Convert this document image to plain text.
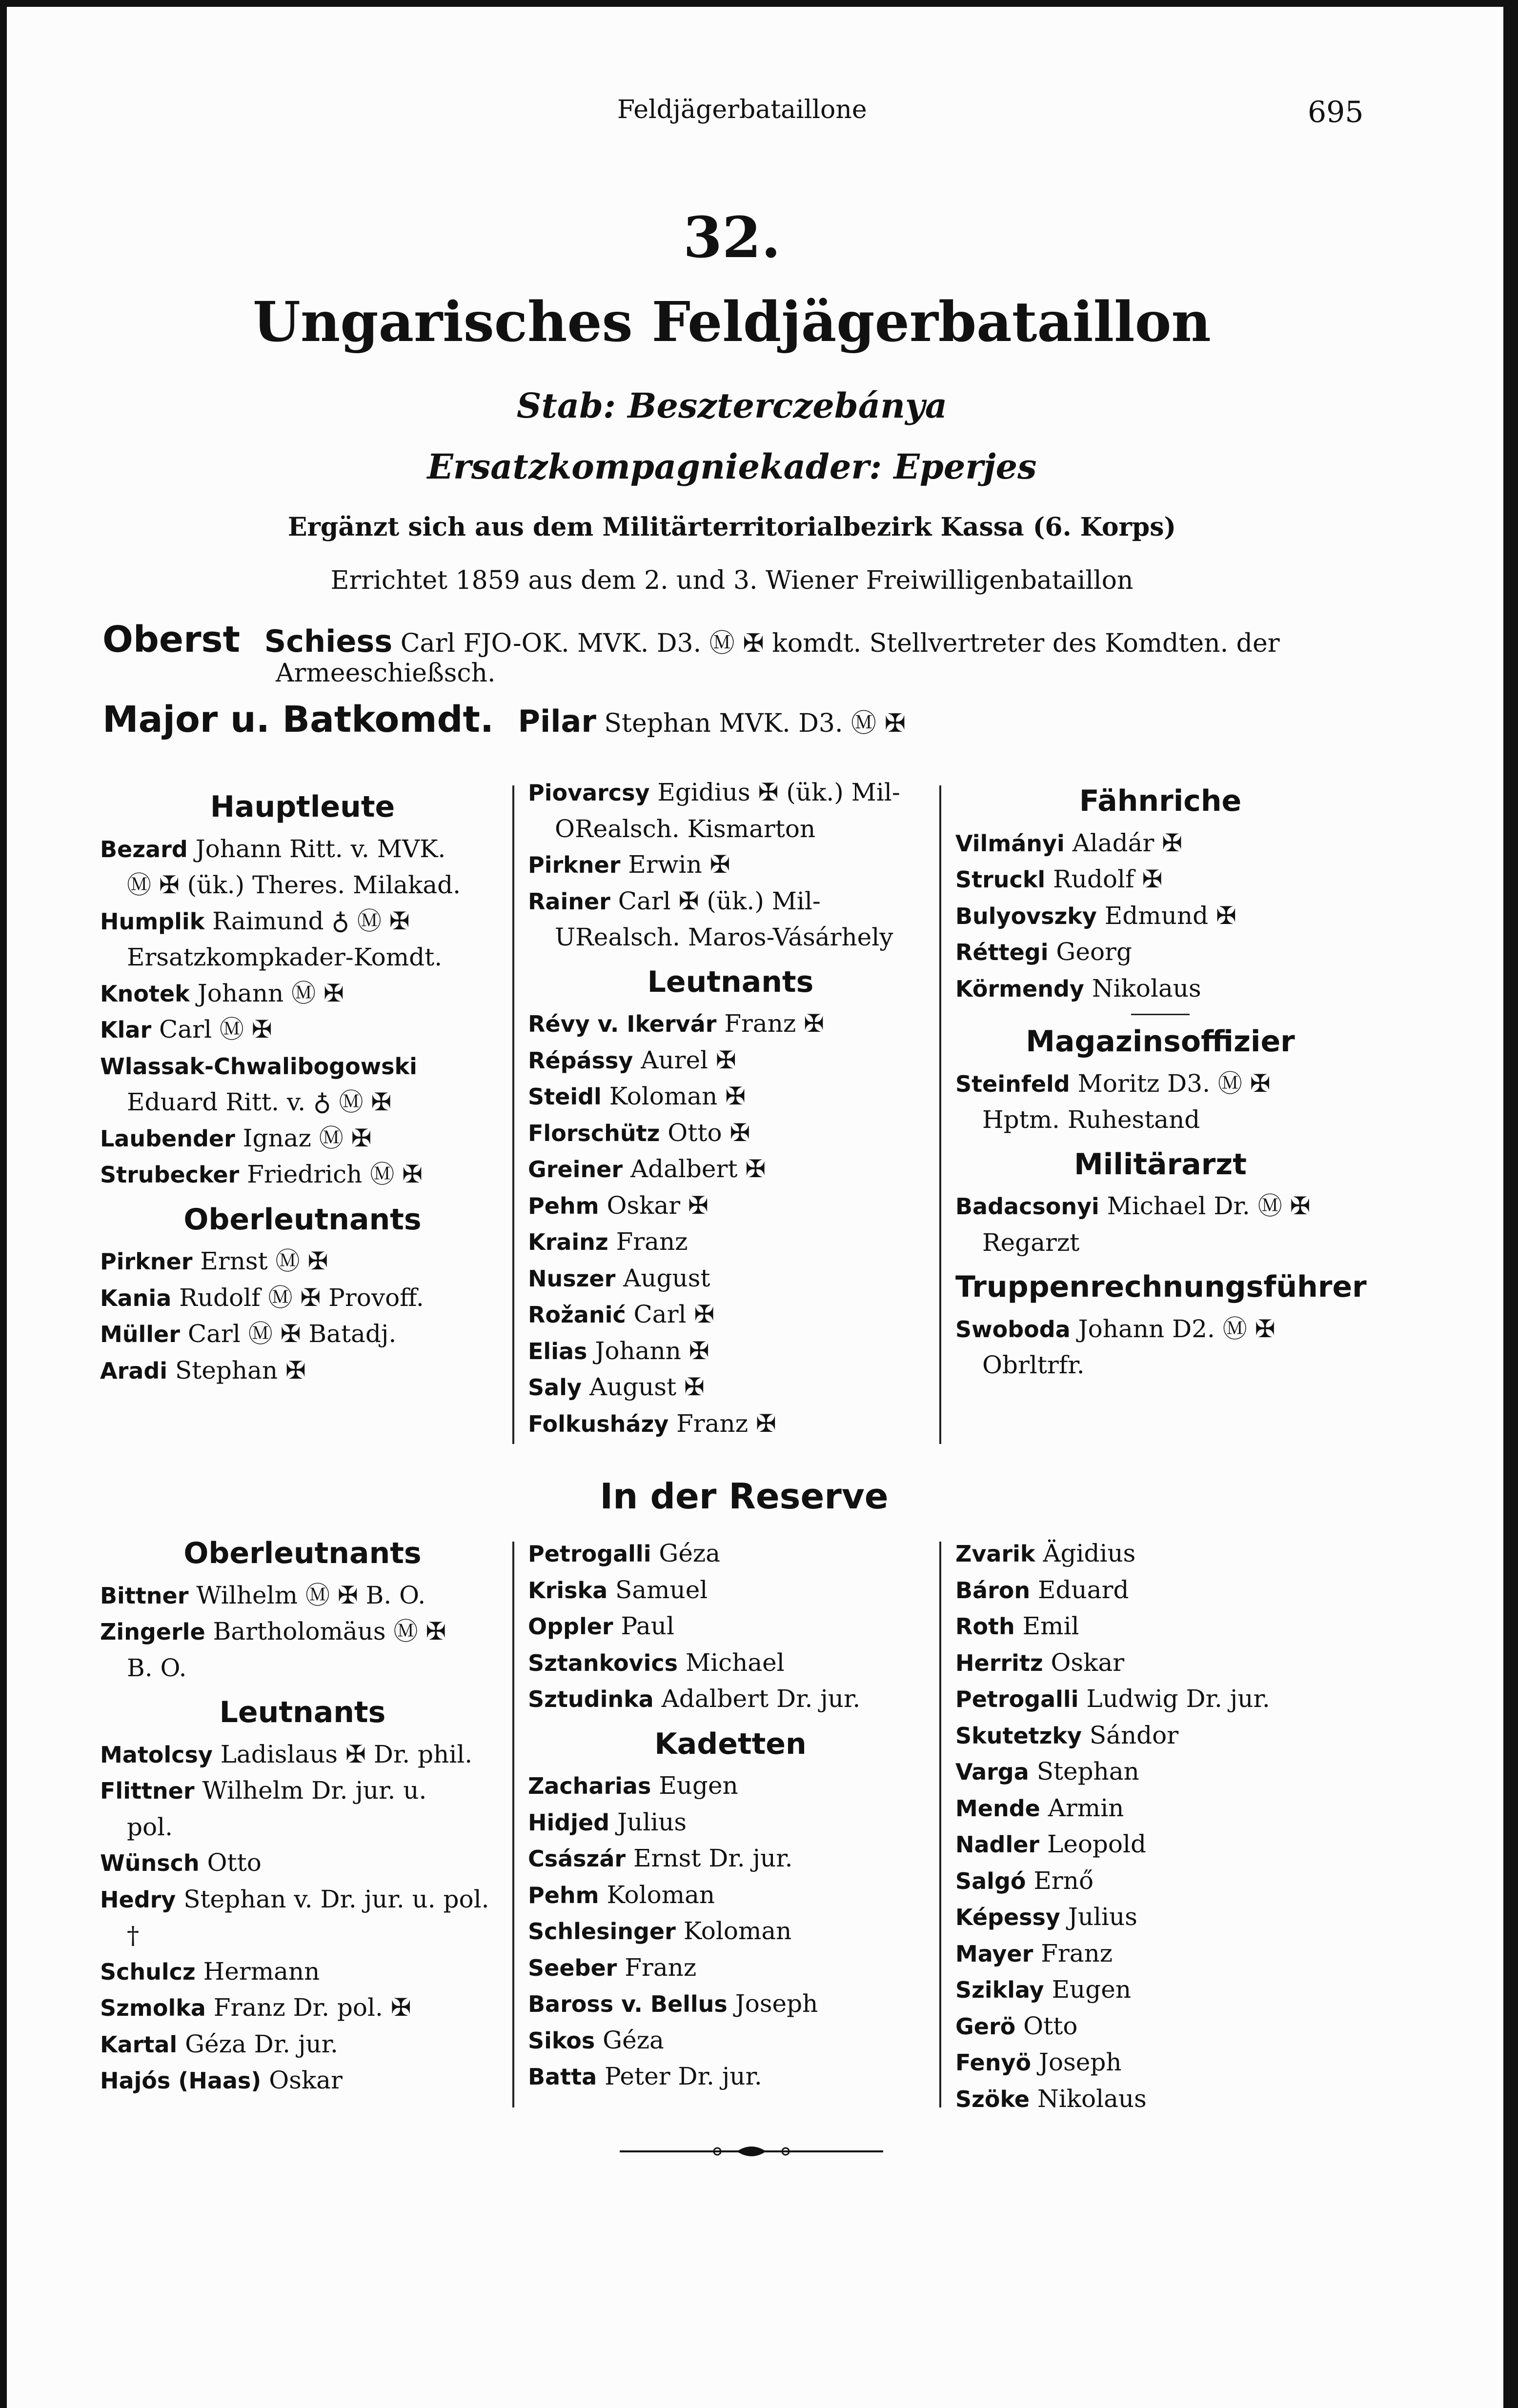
Feldjägerbataillone	695
32.
Ungarisches Feldjägerbataillon
Stab: Beszterczebánya
Ersatzkompagniekader: Eperjes
Ergänzt sich aus dem Militärterritorialbezirk Kassa (6. Korps)
Errichtet 1859 aus dem 2. und 3. Wiener Freiwilligenbataillon
Oberst Schiess Carl FJO-OK. MVK. D3. Ⓜ ✠ komdt. Stellvertreter des Komdten. der
Armeeschießsch.
Major u. Batkomdt. Pilar Stephan MVK. D3. Ⓜ ✠
Hauptleute
Bezard Johann Ritt. v. MVK.
Ⓜ ✠ (ük.) Theres. Milakad.
Humplik Raimund ♁ Ⓜ ✠
Ersatzkompkader-Komdt.
Knotek Johann Ⓜ ✠
Klar Carl Ⓜ ✠
Wlassak-Chwalibogowski
Eduard Ritt. v. ♁ Ⓜ ✠
Laubender Ignaz Ⓜ ✠
Strubecker Friedrich Ⓜ ✠
Oberleutnants
Pirkner Ernst Ⓜ ✠
Kania Rudolf Ⓜ ✠ Provoff.
Müller Carl Ⓜ ✠ Batadj.
Aradi Stephan ✠
Piovarcsy Egidius ✠ (ük.) Mil-
ORealsch. Kismarton
Pirkner Erwin ✠
Rainer Carl ✠ (ük.) Mil-
URealsch. Maros-Vásárhely
Leutnants
Révy v. Ikervár Franz ✠
Répássy Aurel ✠
Steidl Koloman ✠
Florschütz Otto ✠
Greiner Adalbert ✠
Pehm Oskar ✠
Krainz Franz
Nuszer August
Rožanić Carl ✠
Elias Johann ✠
Saly August ✠
Folkusházy Franz ✠
Fähnriche
Vilmányi Aladár ✠
Struckl Rudolf ✠
Bulyovszky Edmund ✠
Réttegi Georg
Körmendy Nikolaus
Magazinsoffizier
Steinfeld Moritz D3. Ⓜ ✠
Hptm. Ruhestand
Militärarzt
Badacsonyi Michael Dr. Ⓜ ✠
Regarzt
Truppenrechnungsführer
Swoboda Johann D2. Ⓜ ✠
Obrltrfr.
In der Reserve
Oberleutnants
Bittner Wilhelm Ⓜ ✠ B. O.
Zingerle Bartholomäus Ⓜ ✠
B. O.
Leutnants
Matolcsy Ladislaus ✠ Dr. phil.
Flittner Wilhelm Dr. jur. u.
pol.
Wünsch Otto
Hedry Stephan v. Dr. jur. u. pol.
†
Schulcz Hermann
Szmolka Franz Dr. pol. ✠
Kartal Géza Dr. jur.
Hajós (Haas) Oskar
Petrogalli Géza
Kriska Samuel
Oppler Paul
Sztankovics Michael
Sztudinka Adalbert Dr. jur.
Kadetten
Zacharias Eugen
Hidjed Julius
Császár Ernst Dr. jur.
Pehm Koloman
Schlesinger Koloman
Seeber Franz
Baross v. Bellus Joseph
Sikos Géza
Batta Peter Dr. jur.
Zvarik Ägidius
Báron Eduard
Roth Emil
Herritz Oskar
Petrogalli Ludwig Dr. jur.
Skutetzky Sándor
Varga Stephan
Mende Armin
Nadler Leopold
Salgó Ernő
Képessy Julius
Mayer Franz
Sziklay Eugen
Gerö Otto
Fenyö Joseph
Szöke Nikolaus
